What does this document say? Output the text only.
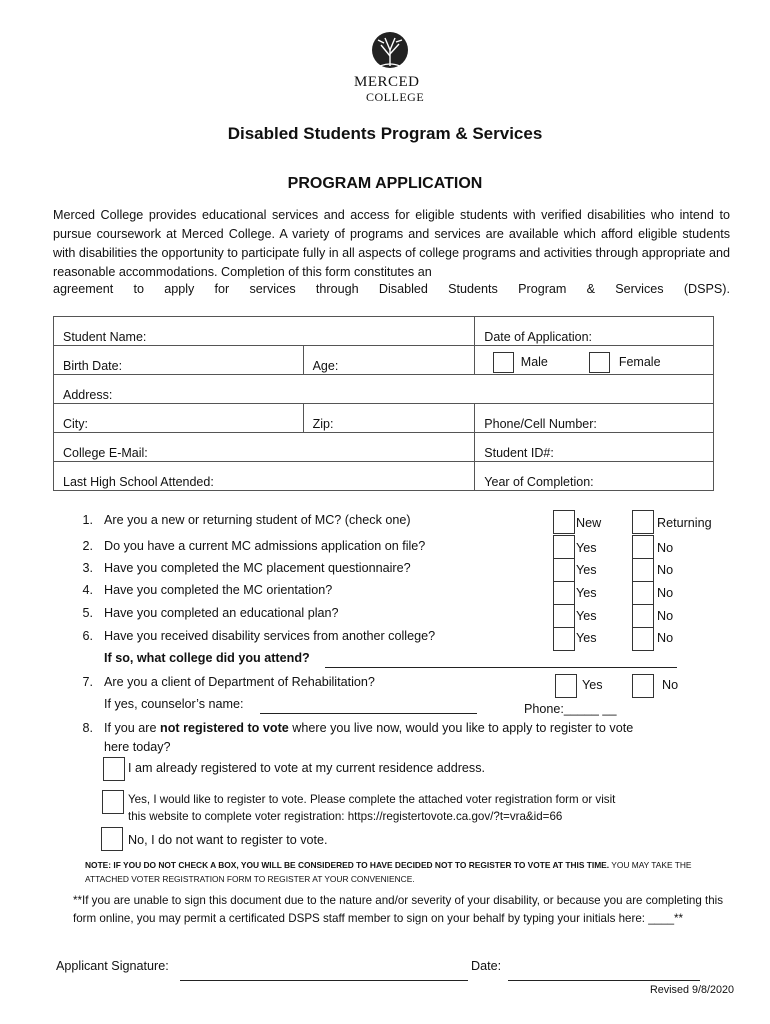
MERCED
COLLEGE
Disabled Students Program & Services
PROGRAM APPLICATION
Merced College provides educational services and access for eligible students with verified disabilities who intend to pursue coursework at Merced College. A variety of programs and services are available which afford eligible students with disabilities the opportunity to participate fully in all aspects of college programs and activities through appropriate and reasonable accommodations. Completion of this form constitutes an
agreement to apply for services through Disabled Students Program & Services (DSPS).
Student Name:		Date of Application:
Birth Date:	Age:	Male Female
Address:		
City:	Zip:	Phone/Cell Number:
College E-Mail:		Student ID#:
Last High School Attended:		Year of Completion:
1. Are you a new or returning student of MC? (check one)	New	Returning
2. Do you have a current MC admissions application on file?	Yes	No
3. Have you completed the MC placement questionnaire?	Yes	No
4. Have you completed the MC orientation?	Yes	No
5. Have you completed an educational plan?	Yes	No
6. Have you received disability services from another college?	Yes	No
If so, what college did you attend?
7. Are you a client of Department of Rehabilitation?	Yes	No
If yes, counselor’s name:	Phone:_____ __
8. If you are not registered to vote where you live now, would you like to apply to register to vote
here today?
I am already registered to vote at my current residence address.
Yes, I would like to register to vote. Please complete the attached voter registration form or visit
this website to complete voter registration: https://registertovote.ca.gov/?t=vra&id=66
No, I do not want to register to vote.
NOTE: IF YOU DO NOT CHECK A BOX, YOU WILL BE CONSIDERED TO HAVE DECIDED NOT TO REGISTER TO VOTE AT THIS TIME. YOU MAY TAKE THE ATTACHED VOTER REGISTRATION FORM TO REGISTER AT YOUR CONVENIENCE.
**If you are unable to sign this document due to the nature and/or severity of your disability, or because you are completing this form online, you may permit a certificated DSPS staff member to sign on your behalf by typing your initials here: ____**
Applicant Signature:	Date:
Revised 9/8/2020
